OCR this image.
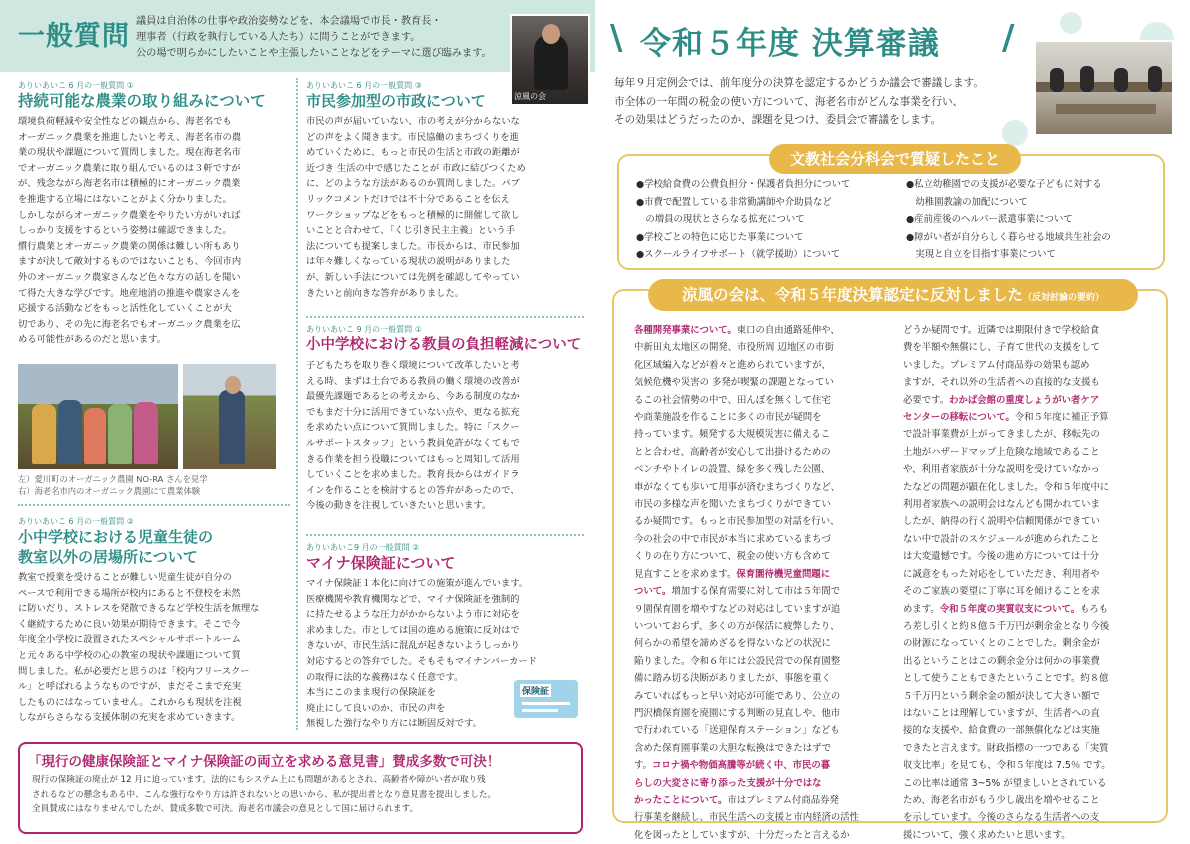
一般質問 議員は自治体の仕事や政治姿勢などを、本会議場で市長・教育長・
理事者（行政を執行している人たち）に問うことができます。
公の場で明らかにしたいことや主張したいことなどをテーマに選び臨みます。
涼風の会
ありいあいこ 6 月の一般質問 ①
持続可能な農業の取り組みについて
環境負荷軽減や安全性などの観点から、海老名でも
オーガニック農業を推進したいと考え、海老名市の農
業の現状や課題について質問しました。現在海老名市
でオーガニック農業に取り組んでいるのは３軒ですが
が、残念ながら海老名市は積極的にオーガニック農業
を推進する立場にはないことがよく分かりました。
しかしながらオーガニック農業をやりたい方がいれば
しっかり支援をするという姿勢は確認できました。
慣行農業とオーガニック農業の関係は難しい所もあり
ますが決して敵対するものではないことも、今回市内
外のオーガニック農家さんなど色々な方の話しを聞い
て得た大きな学びです。地産地消の推進や農家さんを
応援する活動などをもっと活性化していくことが大
切であり、その先に海老名でもオーガニック農業を広
める可能性があるのだと思います。
左）愛川町のオーガニック農園 NO-RA さんを見学
右）海老名市内のオーガニック農園にて農業体験
ありいあいこ 6 月の一般質問 ②
小中学校における児童生徒の
教室以外の居場所について
教室で授業を受けることが難しい児童生徒が自分の
ペースで利用できる場所が校内にあると不登校を未然
に防いだり、ストレスを発散できるなど学校生活を無理な
く継続するために良い効果が期待できます。そこで今
年度全小学校に設置されたスペシャルサポートルーム
と元々ある中学校の心の教室の現状や課題について質
問しました。私が必要だと思うのは「校内フリースクー
ル」と呼ばれるようなものですが、まだそこまで充実
したものにはなっていません。これからも現状を注視
しながらさらなる支援体制の充実を求めていきます。
ありいあいこ 6 月の一般質問 ③
市民参加型の市政について
市民の声が届いていない、市の考えが分からないな
どの声をよく聞きます。市民協働のまちづくりを進
めていくために、もっと市民の生活と市政の距離が
近づき 生活の中で感じたことが 市政に結びつくため
に、どのような方法があるのか質問しました。パブ
リックコメントだけでは不十分であることを伝え
ワークショップなどをもっと積極的に開催して欲し
いことと合わせて、「くじ引き民主主義」という手
法についても提案しました。市長からは、市民参加
は年々難しくなっている現状の説明がありました
が、新しい手法については先例を確認してやってい
きたいと前向きな答弁がありました。
ありいあいこ 9 月の一般質問 ①
小中学校における教員の負担軽減について
子どもたちを取り巻く環境について改革したいと考
える時、まずは土台である教員の働く環境の改善が
最優先課題であるとの考えから、今ある制度のなか
でもまだ十分に活用できていない点や、更なる拡充
を求めたい点について質問しました。特に「スクー
ルサポートスタッフ」という教員免許がなくてもで
きる作業を担う役職についてはもっと周知して活用
していくことを求めました。教育長からはガイドラ
インを作ることを検討するとの答弁があったので、
今後の動きを注視していきたいと思います。
ありいあいこ9 月の一般質問 ②
マイナ保険証について
マイナ保険証１本化に向けての施策が進んでいます。
医療機関や教育機関などで、マイナ保険証を強制的
に持たせるような圧力がかからないよう市に対応を
求めました。市としては国の進める施策に反対はで
きないが、市民生活に混乱が起きないようしっかり
対応するとの答弁でした。そもそもマイナンバーカード
の取得に法的な義務はなく任意です。
本当にこのまま現行の保険証を
廃止にして良いのか、市民の声を
無視した強行なやり方には断固反対です。
保険証
「現行の健康保険証とマイナ保険証の両立を求める意見書」賛成多数で可決！
現行の保険証の廃止が 12 月に迫っています。法的にもシステム上にも問題があるとされ、高齢者や障がい者が取り残
されるなどの懸念もある中、こんな強行なやり方は許されないとの思いから、私が提出者となり意見書を提出しました。
全員賛成にはなりませんでしたが、賛成多数で可決。海老名市議会の意見として国に届けられます。
\ 令和５年度 決算審議 /
毎年９月定例会では、前年度分の決算を認定するかどうか議会で審議します。
市全体の一年間の税金の使い方について、海老名市がどんな事業を行い、
その効果はどうだったのか、課題を見つけ、委員会で審議をします。
文教社会分科会で質疑したこと
●学校給食費の公費負担分・保護者負担分について
●市費で配置している非常勤講師や介助員など
　の増員の現状とさらなる拡充について
●学校ごとの特色に応じた事業について
●スクールライフサポート（就学援助）について
●私立幼稚園での支援が必要な子どもに対する
　幼稚園教諭の加配について
●産前産後のヘルパー派遣事業について
●障がい者が自分らしく暮らせる地域共生社会の
　実現と自立を目指す事業について
涼風の会は、令和５年度決算認定に反対しました（反対討論の要約）
各種開発事業について。東口の自由通路延伸や、
中新田丸太地区の開発、市役所周 辺地区の市街
化区域編入などが着々と進められていますが、
気候危機や災害の 多発が喫緊の課題となってい
るこの社会情勢の中で、田んぼを無くして住宅
や商業施設を作ることに多くの市民が疑問を
持っています。頻発する大規模災害に備えるこ
とと合わせ、高齢者が安心して出掛けるための
ベンチやトイレの設置、緑を多く残した公園、
車がなくても歩いて用事が済むまちづくりなど、
市民の多様な声を聞いたまちづくりができてい
るか疑問です。もっと市民参加型の対話を行い、
今の社会の中で市民が本当に求めているまちづ
くりの在り方について、税金の使い方も含めて
見直すことを求めます。保育園待機児童問題に
ついて。増加する保育需要に対して市は５年間で
９園保育園を増やすなどの対応はしていますが追
いついておらず、多くの方が保活に疲弊したり、
何らかの希望を諦めざるを得ないなどの状況に
陥りました。令和６年には公設民営での保育園整
備に踏み切る決断がありましたが、事態を重く
みていればもっと早い対応が可能であり、公立の
門沢橋保育園を廃園にする判断の見直しや、他市
で行われている「送迎保育ステーション」なども
含めた保育園事業の大胆な転換はできたはずで
す。コロナ禍や物価高騰等が続く中、市民の暮
らしの大変さに寄り添った支援が十分ではな
かったことについて。市はプレミアム付商品券発
行事業を継続し、市民生活への支援と市内経済の活性
化を図ったとしていますが、十分だったと言えるか
どうか疑問です。近隣では期限付きで学校給食
費を半額や無償にし、子育て世代の支援をして
いました。プレミアム付商品券の効果も認め
ますが、それ以外の生活者への直接的な支援も
必要です。わかば会館の重度しょうがい者ケア
センターの移転について。令和５年度に補正予算
で設計事業費が上がってきましたが、移転先の
土地がハザードマップ上危険な地域であること
や、利用者家族が十分な説明を受けていなかっ
たなどの問題が顕在化しました。令和５年度中に
利用者家族への説明会はなんども開かれていま
したが、納得の行く説明や信頼関係ができてい
ない中で設計のスケジュールが進められたこと
は大変遺憾です。今後の進め方については十分
に誠意をもった対応をしていただき、利用者や
そのご家族の要望に丁寧に耳を傾けることを求
めます。令和５年度の実質収支について。もろも
ろ差し引くと約８億５千万円が剰余金となり今後
の財源になっていくとのことでした。剰余金が
出るということはこの剰余金分は何かの事業費
として使うこともできたということです。約８億
５千万円という剰余金の額が決して大きい額で
はないことは理解していますが、生活者への直
接的な支援や、給食費の一部無償化などは実施
できたと言えます。財政指標の一つである「実質
収支比率」を見ても、令和５年度は 7.5％ です。
この比率は通常 3~5% が望ましいとされている
ため、海老名市がもう少し歳出を増やせること
を示しています。今後のさらなる生活者への支
援について、強く求めたいと思います。
